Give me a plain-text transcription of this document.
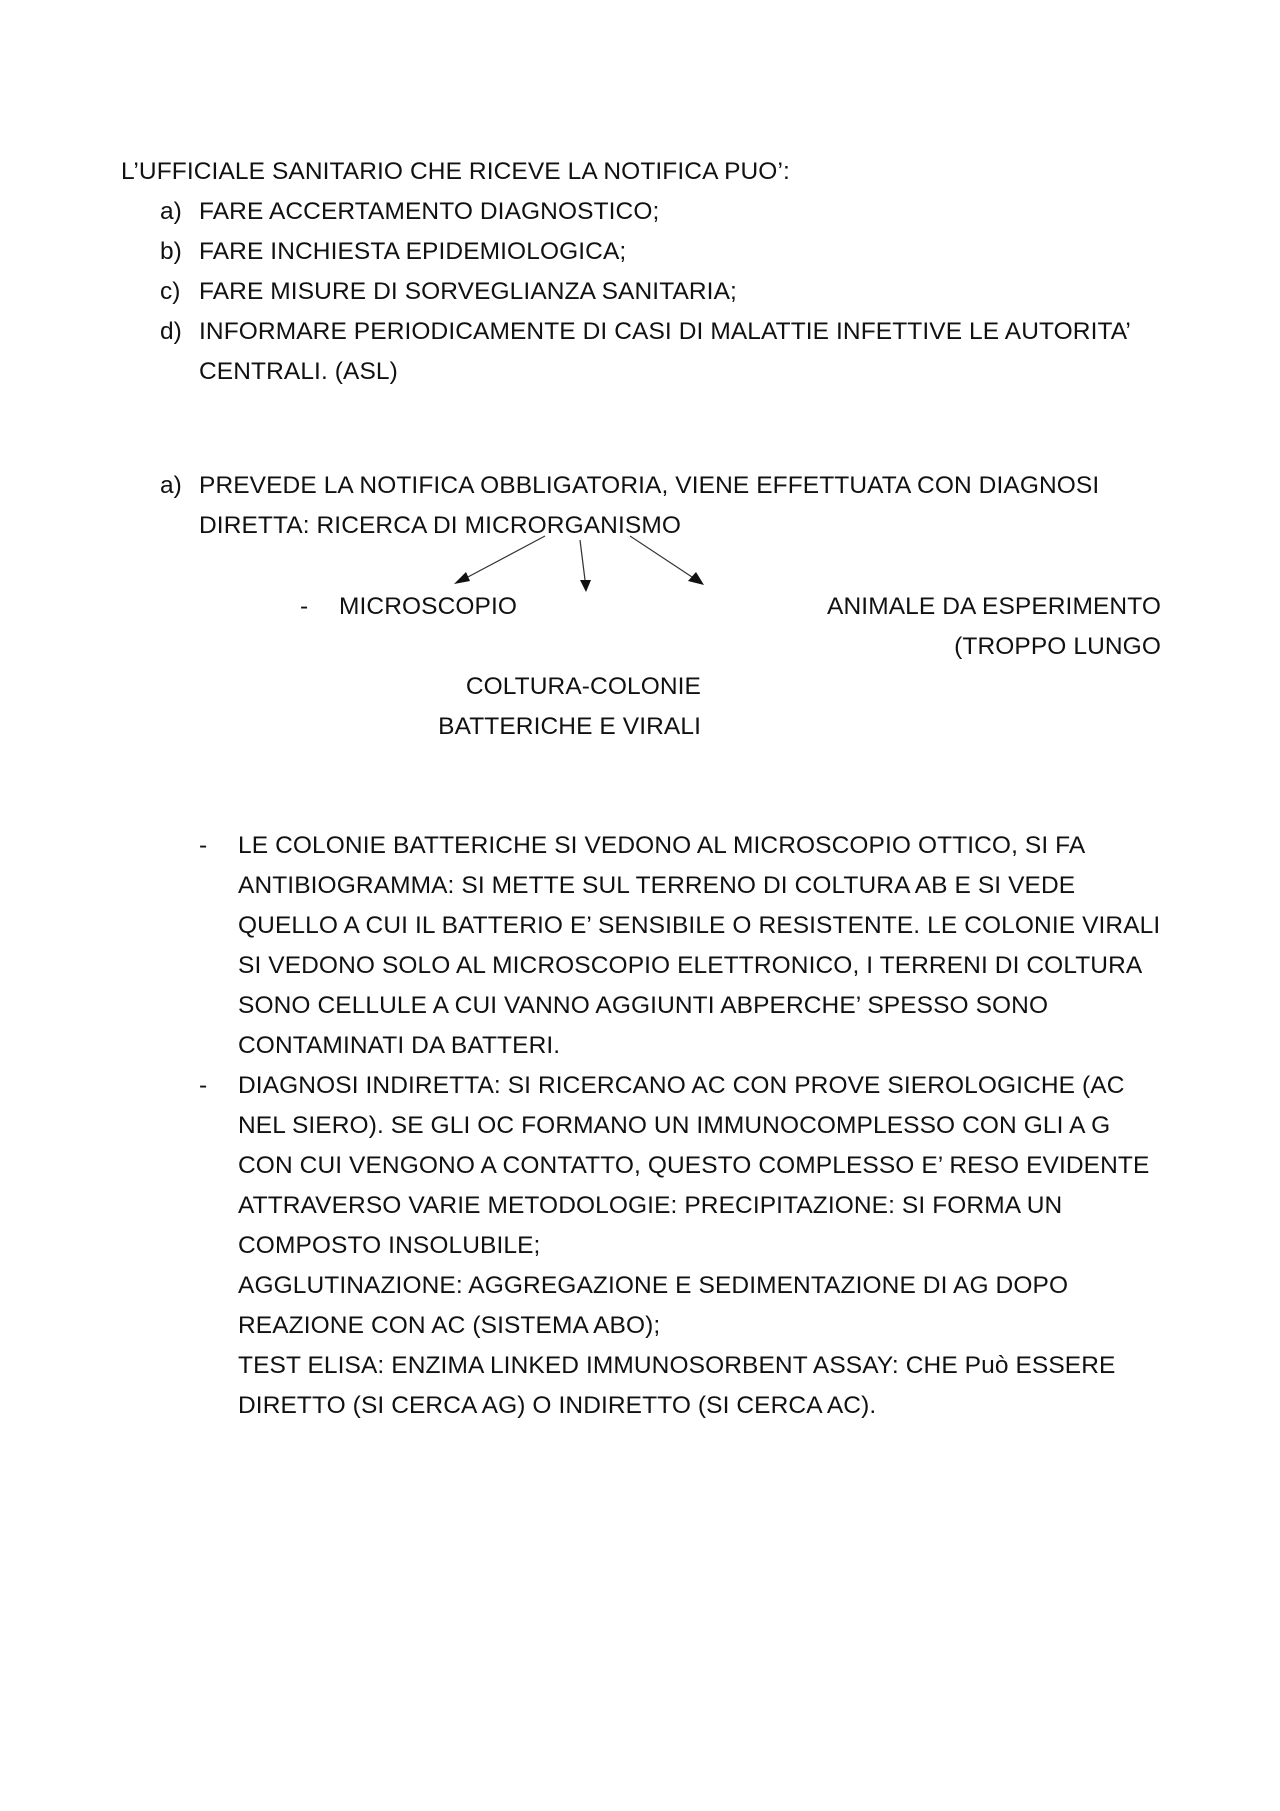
L’UFFICIALE SANITARIO CHE RICEVE LA NOTIFICA PUO’:
a) FARE ACCERTAMENTO DIAGNOSTICO;
b) FARE INCHIESTA EPIDEMIOLOGICA;
c) FARE MISURE DI SORVEGLIANZA SANITARIA;
d) INFORMARE PERIODICAMENTE DI CASI DI MALATTIE INFETTIVE LE AUTORITA’
CENTRALI. (ASL)
a) PREVEDE LA NOTIFICA OBBLIGATORIA, VIENE EFFETTUATA CON DIAGNOSI
DIRETTA: RICERCA DI MICRORGANISMO
- MICROSCOPIO	ANIMALE DA ESPERIMENTO
(TROPPO LUNGO
COLTURA-COLONIE
BATTERICHE E VIRALI
- LE COLONIE BATTERICHE SI VEDONO AL MICROSCOPIO OTTICO, SI FA
ANTIBIOGRAMMA: SI METTE SUL TERRENO DI COLTURA AB E SI VEDE
QUELLO A CUI IL BATTERIO E’ SENSIBILE O RESISTENTE. LE COLONIE VIRALI
SI VEDONO SOLO AL MICROSCOPIO ELETTRONICO, I TERRENI DI COLTURA
SONO CELLULE A CUI VANNO AGGIUNTI ABPERCHE’ SPESSO SONO
CONTAMINATI DA BATTERI.
- DIAGNOSI INDIRETTA: SI RICERCANO AC CON PROVE SIEROLOGICHE (AC
NEL SIERO). SE GLI OC FORMANO UN IMMUNOCOMPLESSO CON GLI A G
CON CUI VENGONO A CONTATTO, QUESTO COMPLESSO E’ RESO EVIDENTE
ATTRAVERSO VARIE METODOLOGIE: PRECIPITAZIONE: SI FORMA UN
COMPOSTO INSOLUBILE;
AGGLUTINAZIONE: AGGREGAZIONE E SEDIMENTAZIONE DI AG DOPO
REAZIONE CON AC (SISTEMA ABO);
TEST ELISA: ENZIMA LINKED IMMUNOSORBENT ASSAY: CHE Può ESSERE
DIRETTO (SI CERCA AG) O INDIRETTO (SI CERCA AC).
